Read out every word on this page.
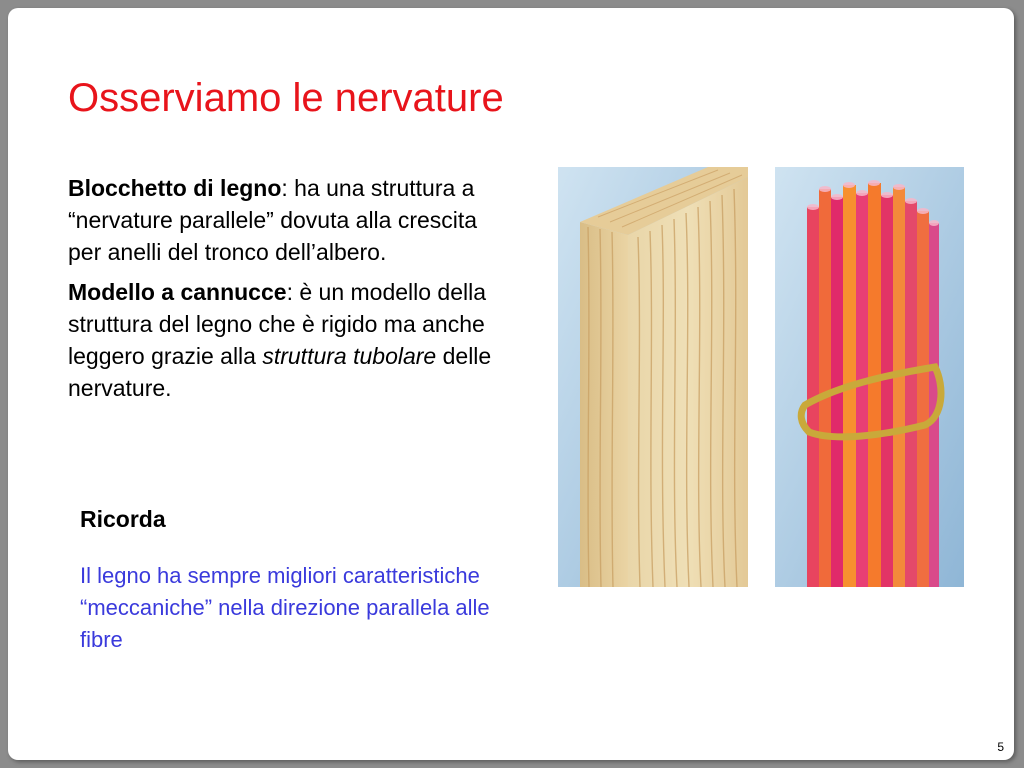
Osserviamo le nervature

Blocchetto di legno: ha una struttura a “nervature parallele” dovuta alla crescita per anelli del tronco dell’albero.

Modello a cannucce: è un modello della struttura del legno che è rigido ma anche leggero grazie alla struttura tubolare delle nervature.

Ricorda
Il legno ha sempre migliori caratteristiche “meccaniche” nella direzione parallela alle fibre
5
